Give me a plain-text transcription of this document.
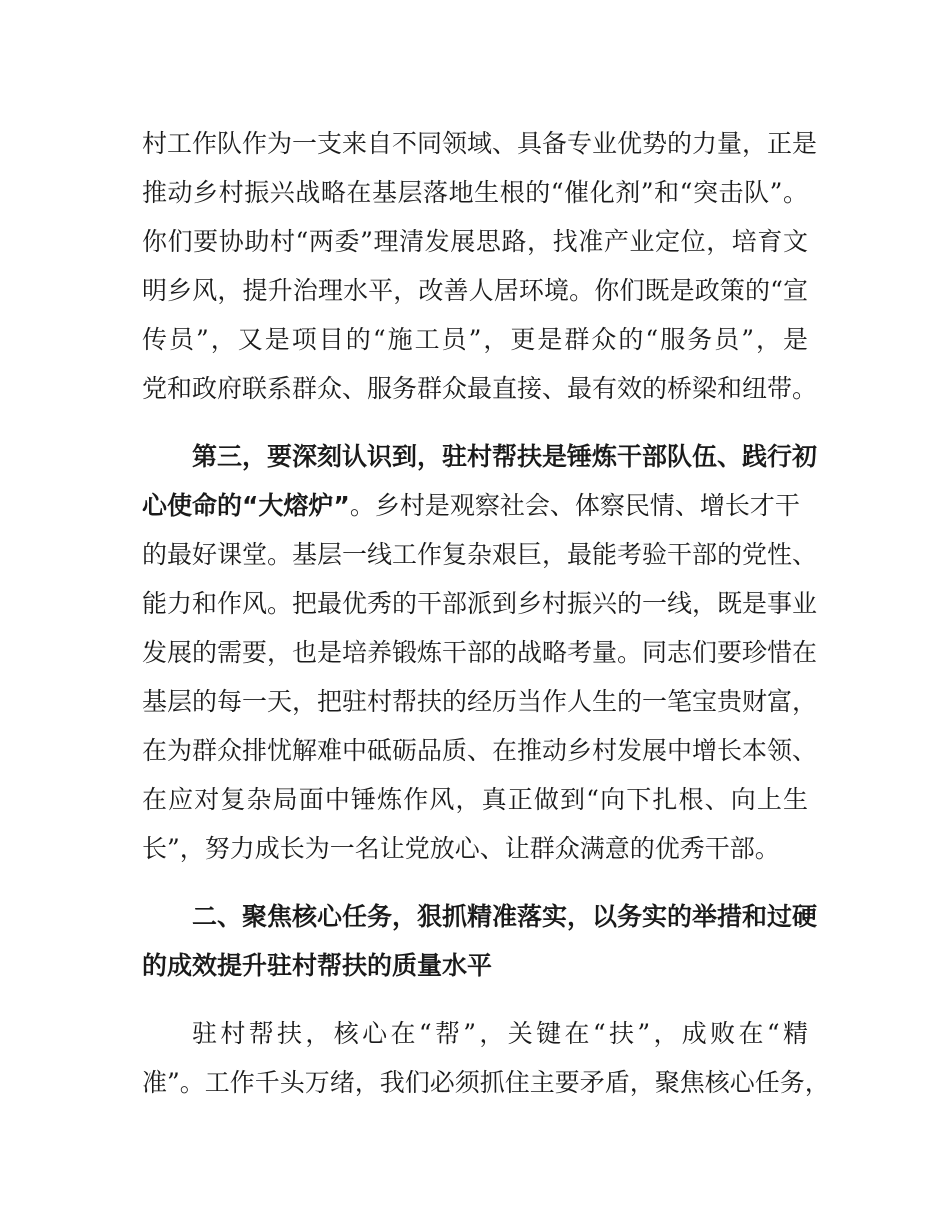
村工作队作为一支来自不同领域、具备专业优势的力量，正是
推动乡村振兴战略在基层落地生根的“催化剂”和“突击队”。
你们要协助村“两委”理清发展思路，找准产业定位，培育文
明乡风，提升治理水平，改善人居环境。你们既是政策的“宣
传员”，又是项目的“施工员”，更是群众的“服务员”，是
党和政府联系群众、服务群众最直接、最有效的桥梁和纽带。
第三，要深刻认识到，驻村帮扶是锤炼干部队伍、践行初
心使命的“大熔炉”。乡村是观察社会、体察民情、增长才干
的最好课堂。基层一线工作复杂艰巨，最能考验干部的党性、
能力和作风。把最优秀的干部派到乡村振兴的一线，既是事业
发展的需要，也是培养锻炼干部的战略考量。同志们要珍惜在
基层的每一天，把驻村帮扶的经历当作人生的一笔宝贵财富，
在为群众排忧解难中砥砺品质、在推动乡村发展中增长本领、
在应对复杂局面中锤炼作风，真正做到“向下扎根、向上生
长”，努力成长为一名让党放心、让群众满意的优秀干部。
二、聚焦核心任务，狠抓精准落实，以务实的举措和过硬
的成效提升驻村帮扶的质量水平
驻村帮扶，核心在“帮”，关键在“扶”，成败在“精
准”。工作千头万绪，我们必须抓住主要矛盾，聚焦核心任务，
